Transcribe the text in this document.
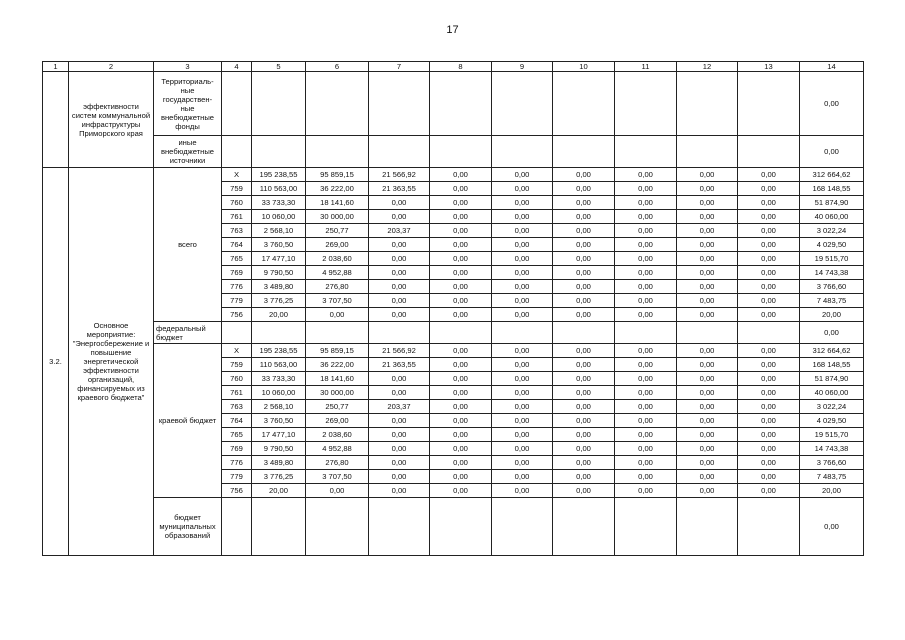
17
1	2	3	4	5	6	7	8	9	10	11	12	13	14
	эффективности систем коммунальной инфраструктуры Приморского края	Территориаль-ные государствен-ные внебюджетные фонды											0,00
		иные внебюджетные источники											0,00
3.2.	Основное мероприятие: "Энергосбережение и повышение энергетической эффективности организаций, финансируемых из краевого бюджета"	всего	X	195 238,55	95 859,15	21 566,92	0,00	0,00	0,00	0,00	0,00	0,00	312 664,62
			759	110 563,00	36 222,00	21 363,55	0,00	0,00	0,00	0,00	0,00	0,00	168 148,55
			760	33 733,30	18 141,60	0,00	0,00	0,00	0,00	0,00	0,00	0,00	51 874,90
			761	10 060,00	30 000,00	0,00	0,00	0,00	0,00	0,00	0,00	0,00	40 060,00
			763	2 568,10	250,77	203,37	0,00	0,00	0,00	0,00	0,00	0,00	3 022,24
			764	3 760,50	269,00	0,00	0,00	0,00	0,00	0,00	0,00	0,00	4 029,50
			765	17 477,10	2 038,60	0,00	0,00	0,00	0,00	0,00	0,00	0,00	19 515,70
			769	9 790,50	4 952,88	0,00	0,00	0,00	0,00	0,00	0,00	0,00	14 743,38
			776	3 489,80	276,80	0,00	0,00	0,00	0,00	0,00	0,00	0,00	3 766,60
			779	3 776,25	3 707,50	0,00	0,00	0,00	0,00	0,00	0,00	0,00	7 483,75
			756	20,00	0,00	0,00	0,00	0,00	0,00	0,00	0,00	0,00	20,00
		федеральный бюджет											0,00
		краевой бюджет	X	195 238,55	95 859,15	21 566,92	0,00	0,00	0,00	0,00	0,00	0,00	312 664,62
			759	110 563,00	36 222,00	21 363,55	0,00	0,00	0,00	0,00	0,00	0,00	168 148,55
			760	33 733,30	18 141,60	0,00	0,00	0,00	0,00	0,00	0,00	0,00	51 874,90
			761	10 060,00	30 000,00	0,00	0,00	0,00	0,00	0,00	0,00	0,00	40 060,00
			763	2 568,10	250,77	203,37	0,00	0,00	0,00	0,00	0,00	0,00	3 022,24
			764	3 760,50	269,00	0,00	0,00	0,00	0,00	0,00	0,00	0,00	4 029,50
			765	17 477,10	2 038,60	0,00	0,00	0,00	0,00	0,00	0,00	0,00	19 515,70
			769	9 790,50	4 952,88	0,00	0,00	0,00	0,00	0,00	0,00	0,00	14 743,38
			776	3 489,80	276,80	0,00	0,00	0,00	0,00	0,00	0,00	0,00	3 766,60
			779	3 776,25	3 707,50	0,00	0,00	0,00	0,00	0,00	0,00	0,00	7 483,75
			756	20,00	0,00	0,00	0,00	0,00	0,00	0,00	0,00	0,00	20,00
		бюджет муниципальных образований											0,00
